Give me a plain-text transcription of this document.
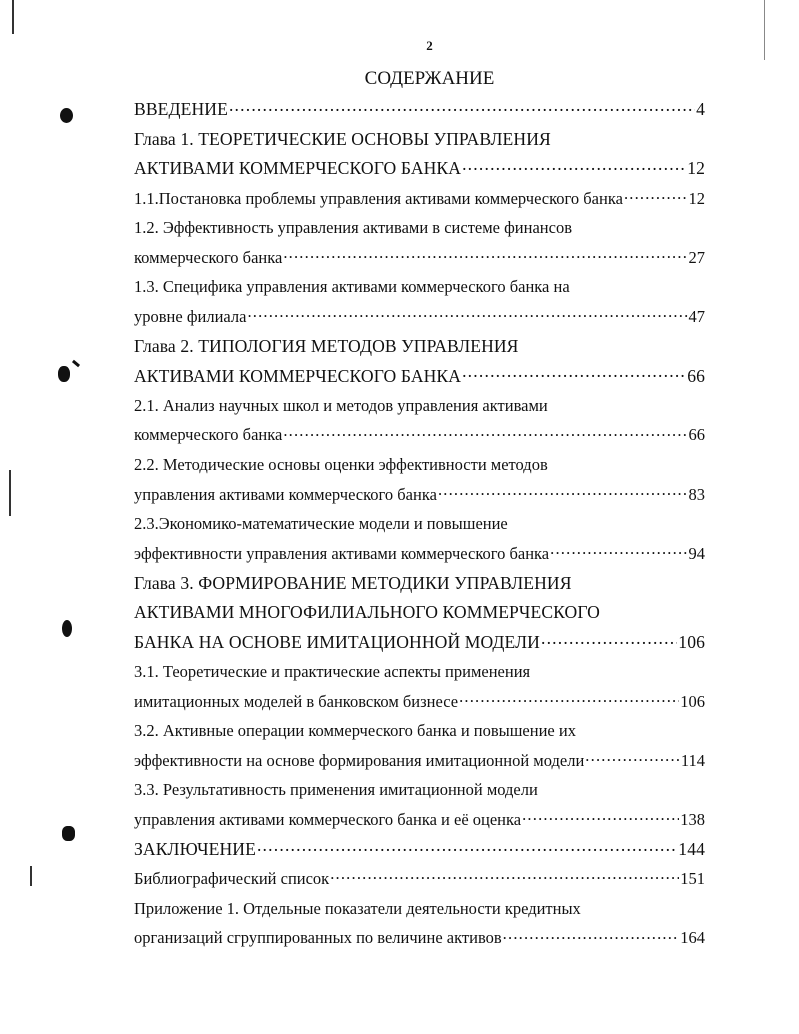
2
СОДЕРЖАНИЕ
ВВЕДЕНИЕ .....	4
Глава 1. ТЕОРЕТИЧЕСКИЕ ОСНОВЫ УПРАВЛЕНИЯ
АКТИВАМИ КОММЕРЧЕСКОГО БАНКА .....	12
1.1.Постановка проблемы управления активами коммерческого банка .....	12
1.2. Эффективность управления активами в системе финансов
коммерческого банка .....	27
1.3. Специфика управления активами коммерческого банка на
уровне филиала .....	47
Глава 2. ТИПОЛОГИЯ МЕТОДОВ УПРАВЛЕНИЯ
АКТИВАМИ КОММЕРЧЕСКОГО БАНКА .....	66
2.1. Анализ научных школ и методов управления активами
коммерческого банка .....	66
2.2. Методические основы оценки эффективности методов
управления активами коммерческого банка .....	83
2.3.Экономико-математические модели и повышение
эффективности управления активами коммерческого банка .....	94
Глава 3. ФОРМИРОВАНИЕ МЕТОДИКИ УПРАВЛЕНИЯ
АКТИВАМИ МНОГОФИЛИАЛЬНОГО КОММЕРЧЕСКОГО
БАНКА НА ОСНОВЕ ИМИТАЦИОННОЙ МОДЕЛИ .....	106
3.1. Теоретические и практические аспекты применения
имитационных моделей в банковском бизнесе .....	106
3.2. Активные операции коммерческого банка и повышение их
эффективности на основе формирования имитационной модели .....	114
3.3. Результативность применения имитационной модели
управления активами коммерческого банка и её оценка .....	138
ЗАКЛЮЧЕНИЕ .....	144
Библиографический список .....	151
Приложение 1. Отдельные показатели деятельности кредитных
организаций сгруппированных по величине активов .....	164
